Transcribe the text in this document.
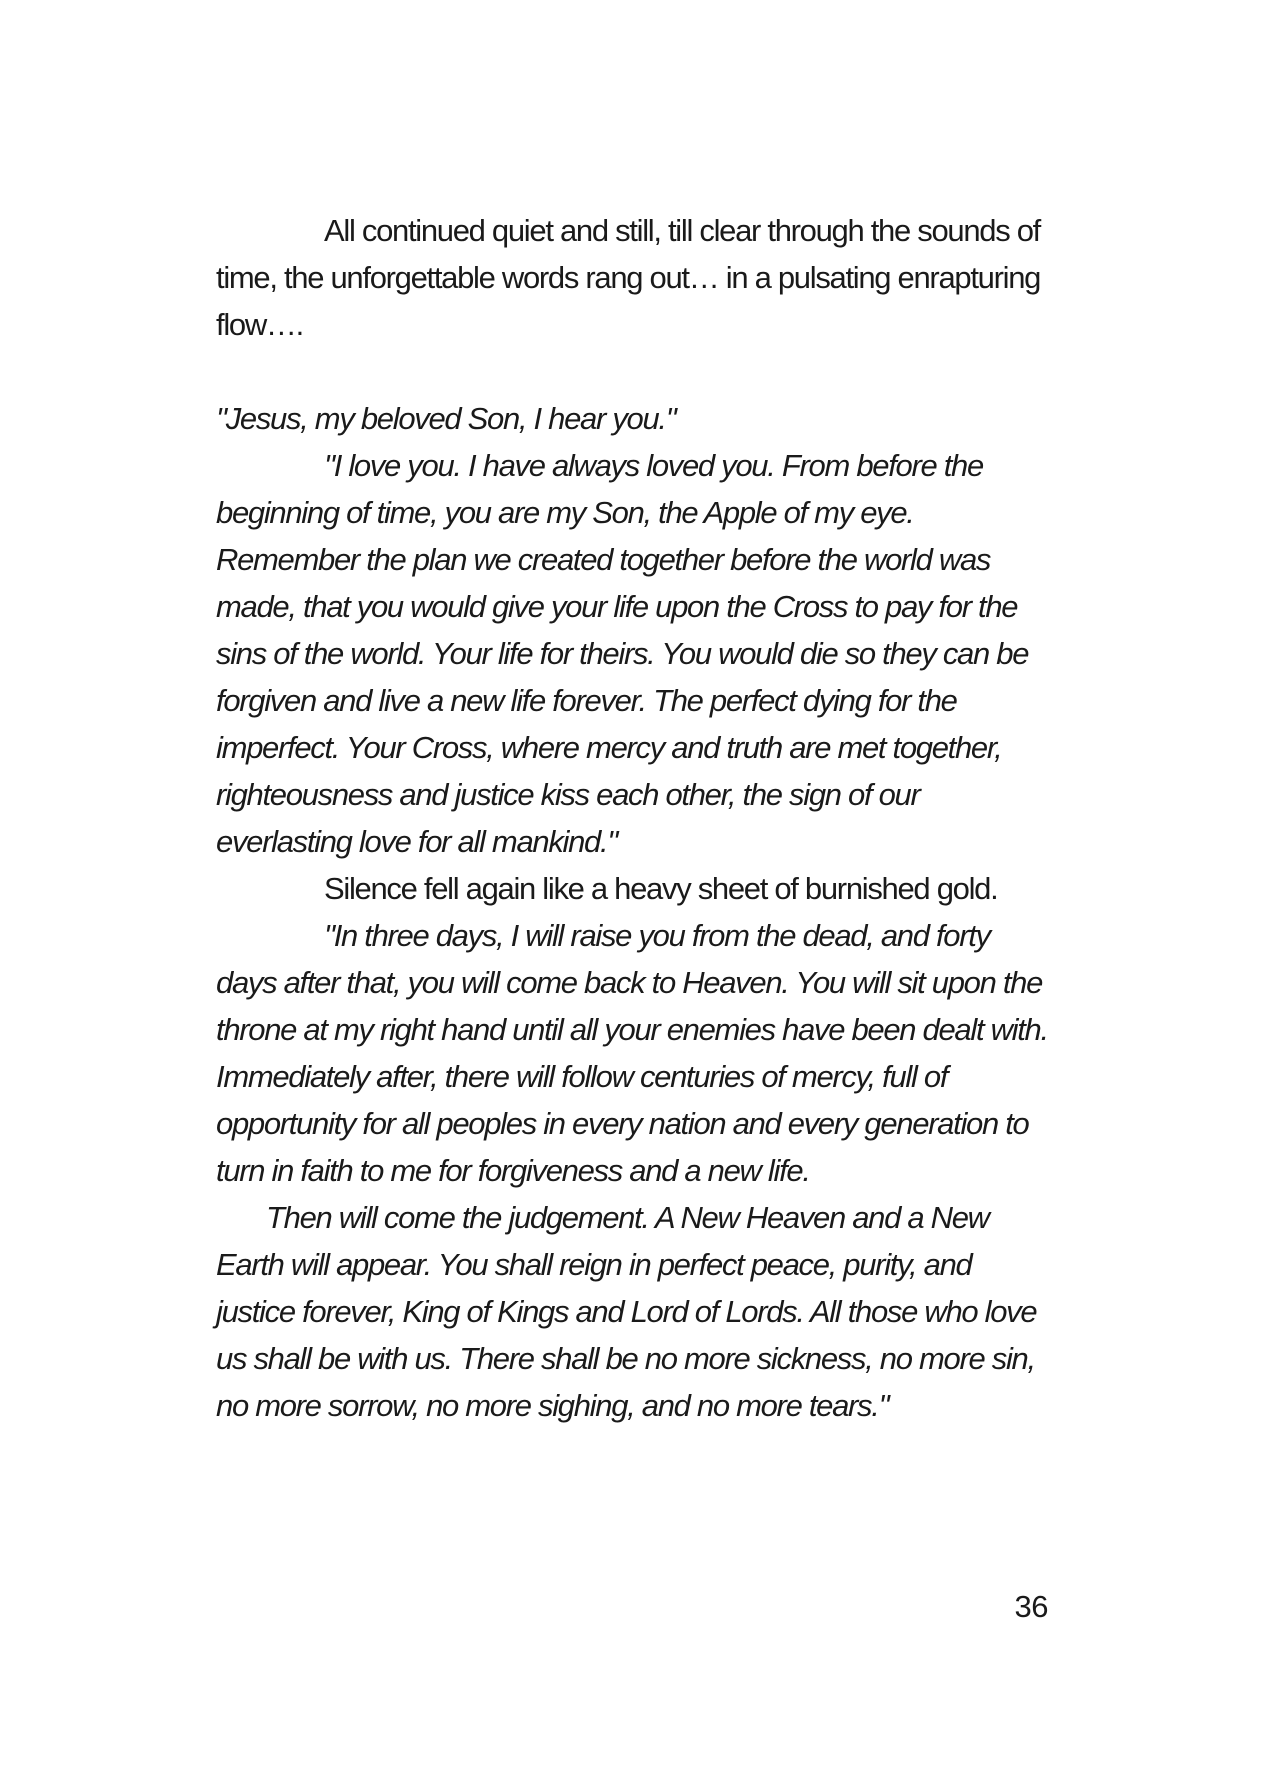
All continued quiet and still, till clear through the sounds of time, the unforgettable words rang out… in a pulsating enrapturing flow….

"Jesus, my beloved Son, I hear you."

"I love you. I have always loved you. From before the beginning of time, you are my Son, the Apple of my eye. Remember the plan we created together before the world was made, that you would give your life upon the Cross to pay for the sins of the world. Your life for theirs. You would die so they can be forgiven and live a new life forever. The perfect dying for the imperfect. Your Cross, where mercy and truth are met together, righteousness and justice kiss each other, the sign of our everlasting love for all mankind."

Silence fell again like a heavy sheet of burnished gold.

"In three days, I will raise you from the dead, and forty days after that, you will come back to Heaven. You will sit upon the throne at my right hand until all your enemies have been dealt with. Immediately after, there will follow centuries of mercy, full of opportunity for all peoples in every nation and every generation to turn in faith to me for forgiveness and a new life.

Then will come the judgement. A New Heaven and a New Earth will appear. You shall reign in perfect peace, purity, and justice forever, King of Kings and Lord of Lords. All those who love us shall be with us. There shall be no more sickness, no more sin, no more sorrow, no more sighing, and no more tears."

36
